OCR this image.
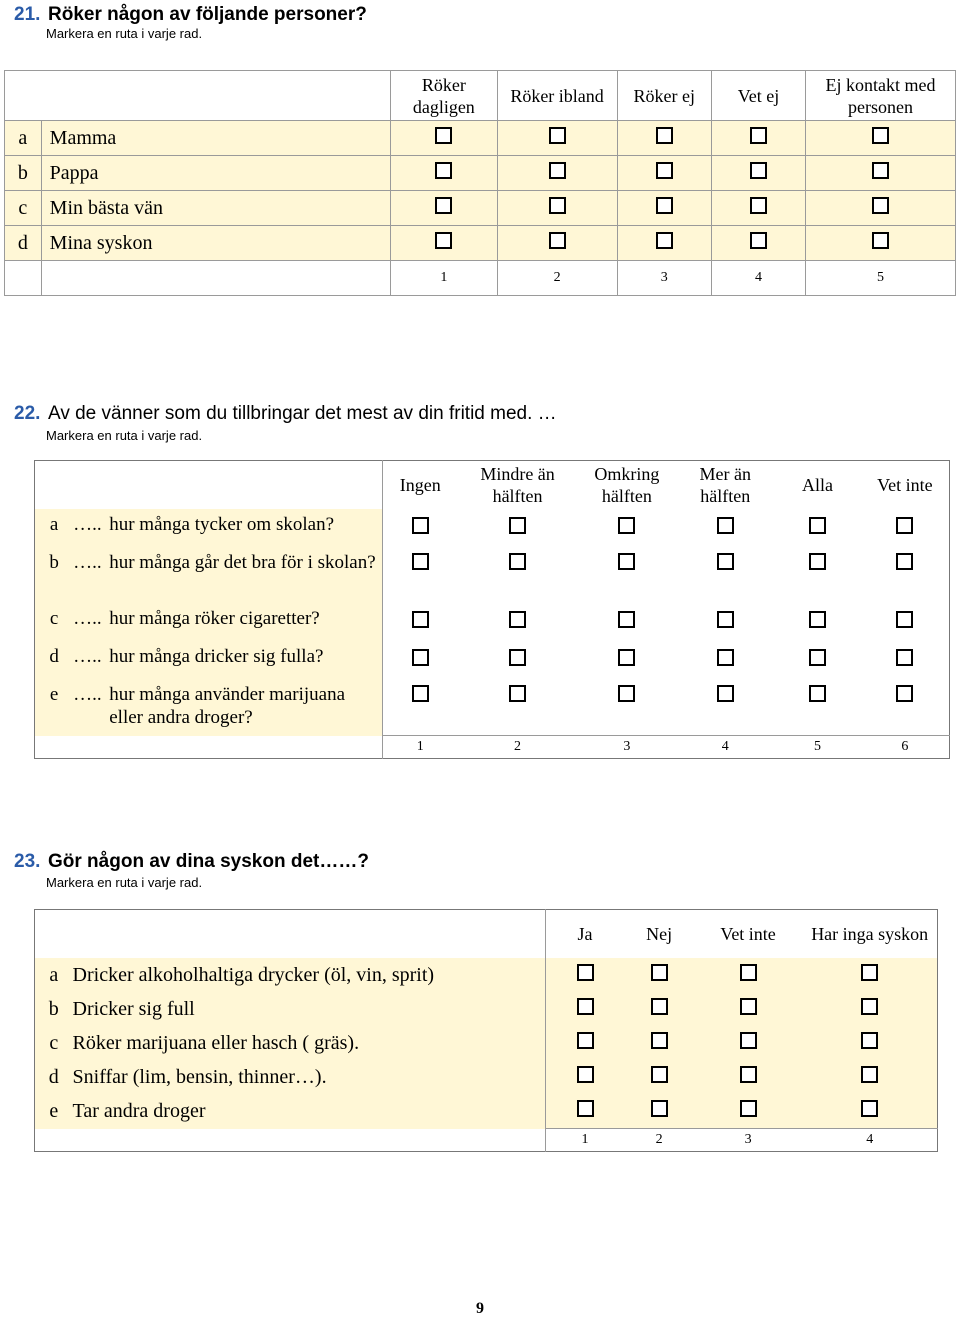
21. Röker någon av följande personer?
Markera en ruta i varje rad.
		Röker dagligen	Röker ibland	Röker ej	Vet ej	Ej kontakt med personen
a	Mamma					
b	Pappa					
c	Min bästa vän					
d	Mina syskon					
		1	2	3	4	5
22. Av de vänner som du tillbringar det mest av din fritid med. …
Markera en ruta i varje rad.
			Ingen	Mindre än hälften	Omkring hälften	Mer än hälften	Alla	Vet inte
a	…..	hur många tycker om skolan?						
b	…..	hur många går det bra för i skolan?						
c	…..	hur många röker cigaretter?						
d	…..	hur många dricker sig fulla?						
e	…..	hur många använder marijuana eller andra droger?						
			1	2	3	4	5	6
23. Gör någon av dina syskon det……?
Markera en ruta i varje rad.
		Ja	Nej	Vet inte	Har inga syskon
a	Dricker alkoholhaltiga drycker (öl, vin, sprit)				
b	Dricker sig full				
c	Röker marijuana eller hasch ( gräs).				
d	Sniffar (lim, bensin, thinner…).				
e	Tar andra droger				
		1	2	3	4
9
